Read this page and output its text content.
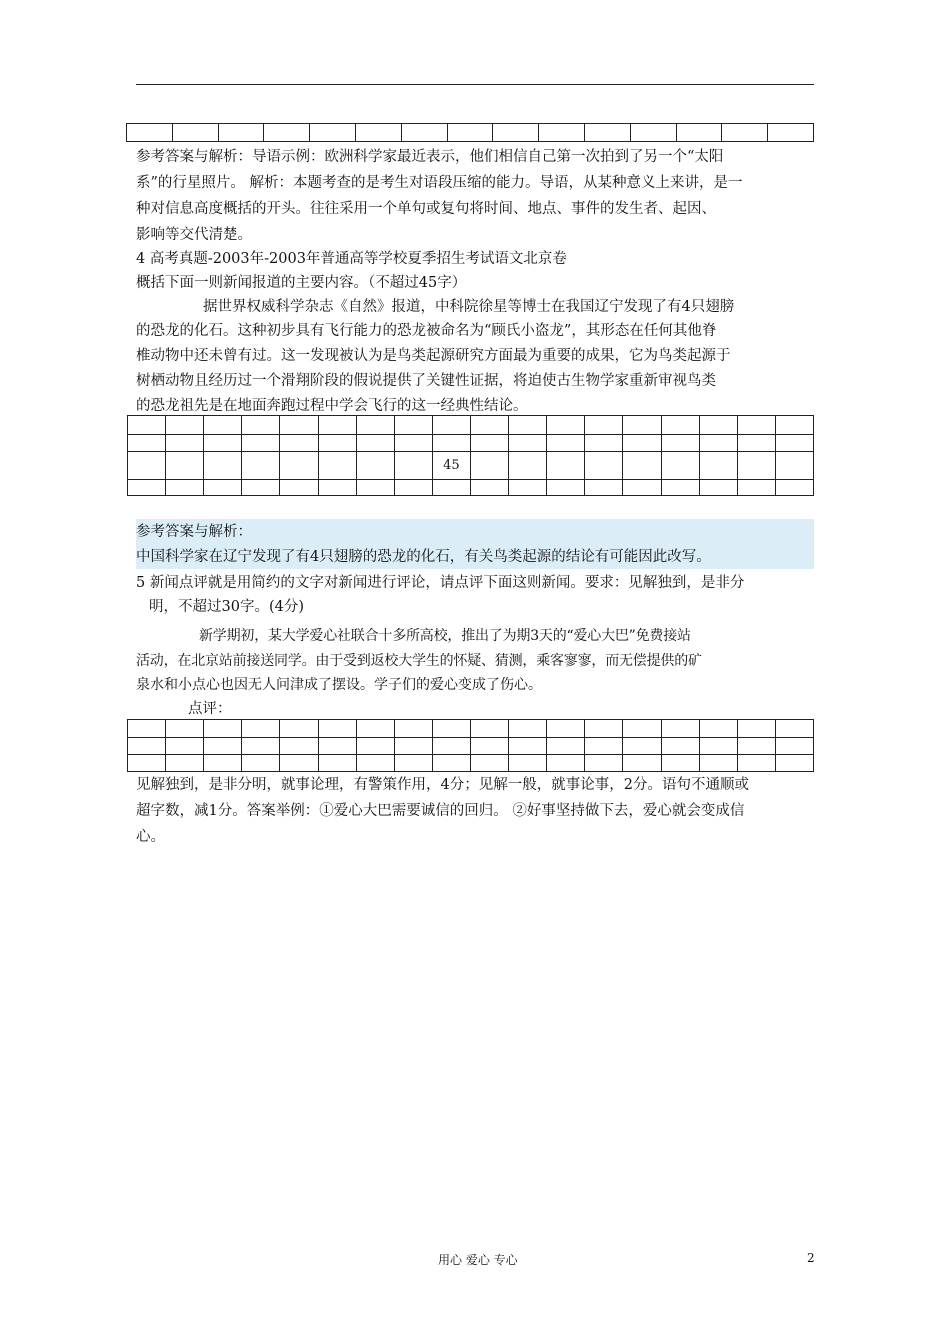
参考答案与解析：导语示例：欧洲科学家最近表示，他们相信自己第一次拍到了另一个“太阳
系”的行星照片。 解析：本题考查的是考生对语段压缩的能力。导语，从某种意义上来讲，是一
种对信息高度概括的开头。往往采用一个单句或复句将时间、地点、事件的发生者、起因、
影响等交代清楚。
4 高考真题-2003年-2003年普通高等学校夏季招生考试语文北京卷
概括下面一则新闻报道的主要内容。（不超过45字）
据世界权威科学杂志《自然》报道，中科院徐星等博士在我国辽宁发现了有4只翅膀
的恐龙的化石。这种初步具有飞行能力的恐龙被命名为“顾氏小盗龙”，其形态在任何其他脊
椎动物中还未曾有过。这一发现被认为是鸟类起源研究方面最为重要的成果，它为鸟类起源于
树栖动物且经历过一个滑翔阶段的假说提供了关键性证据，将迫使古生物学家重新审视鸟类
的恐龙祖先是在地面奔跑过程中学会飞行的这一经典性结论。

								45									

参考答案与解析：
中国科学家在辽宁发现了有4只翅膀的恐龙的化石，有关鸟类起源的结论有可能因此改写。
5 新闻点评就是用简约的文字对新闻进行评论，请点评下面这则新闻。要求：见解独到，是非分
明，不超过30字。(4分)
新学期初，某大学爱心社联合十多所高校，推出了为期3天的“爱心大巴”免费接站
活动，在北京站前接送同学。由于受到返校大学生的怀疑、猜测，乘客寥寥，而无偿提供的矿
泉水和小点心也因无人问津成了摆设。学子们的爱心变成了伤心。
点评：

见解独到，是非分明，就事论理，有警策作用，4分；见解一般，就事论事，2分。语句不通顺或
超字数，减1分。答案举例：①爱心大巴需要诚信的回归。 ②好事坚持做下去，爱心就会变成信
心。
用心 爱心 专心	2
